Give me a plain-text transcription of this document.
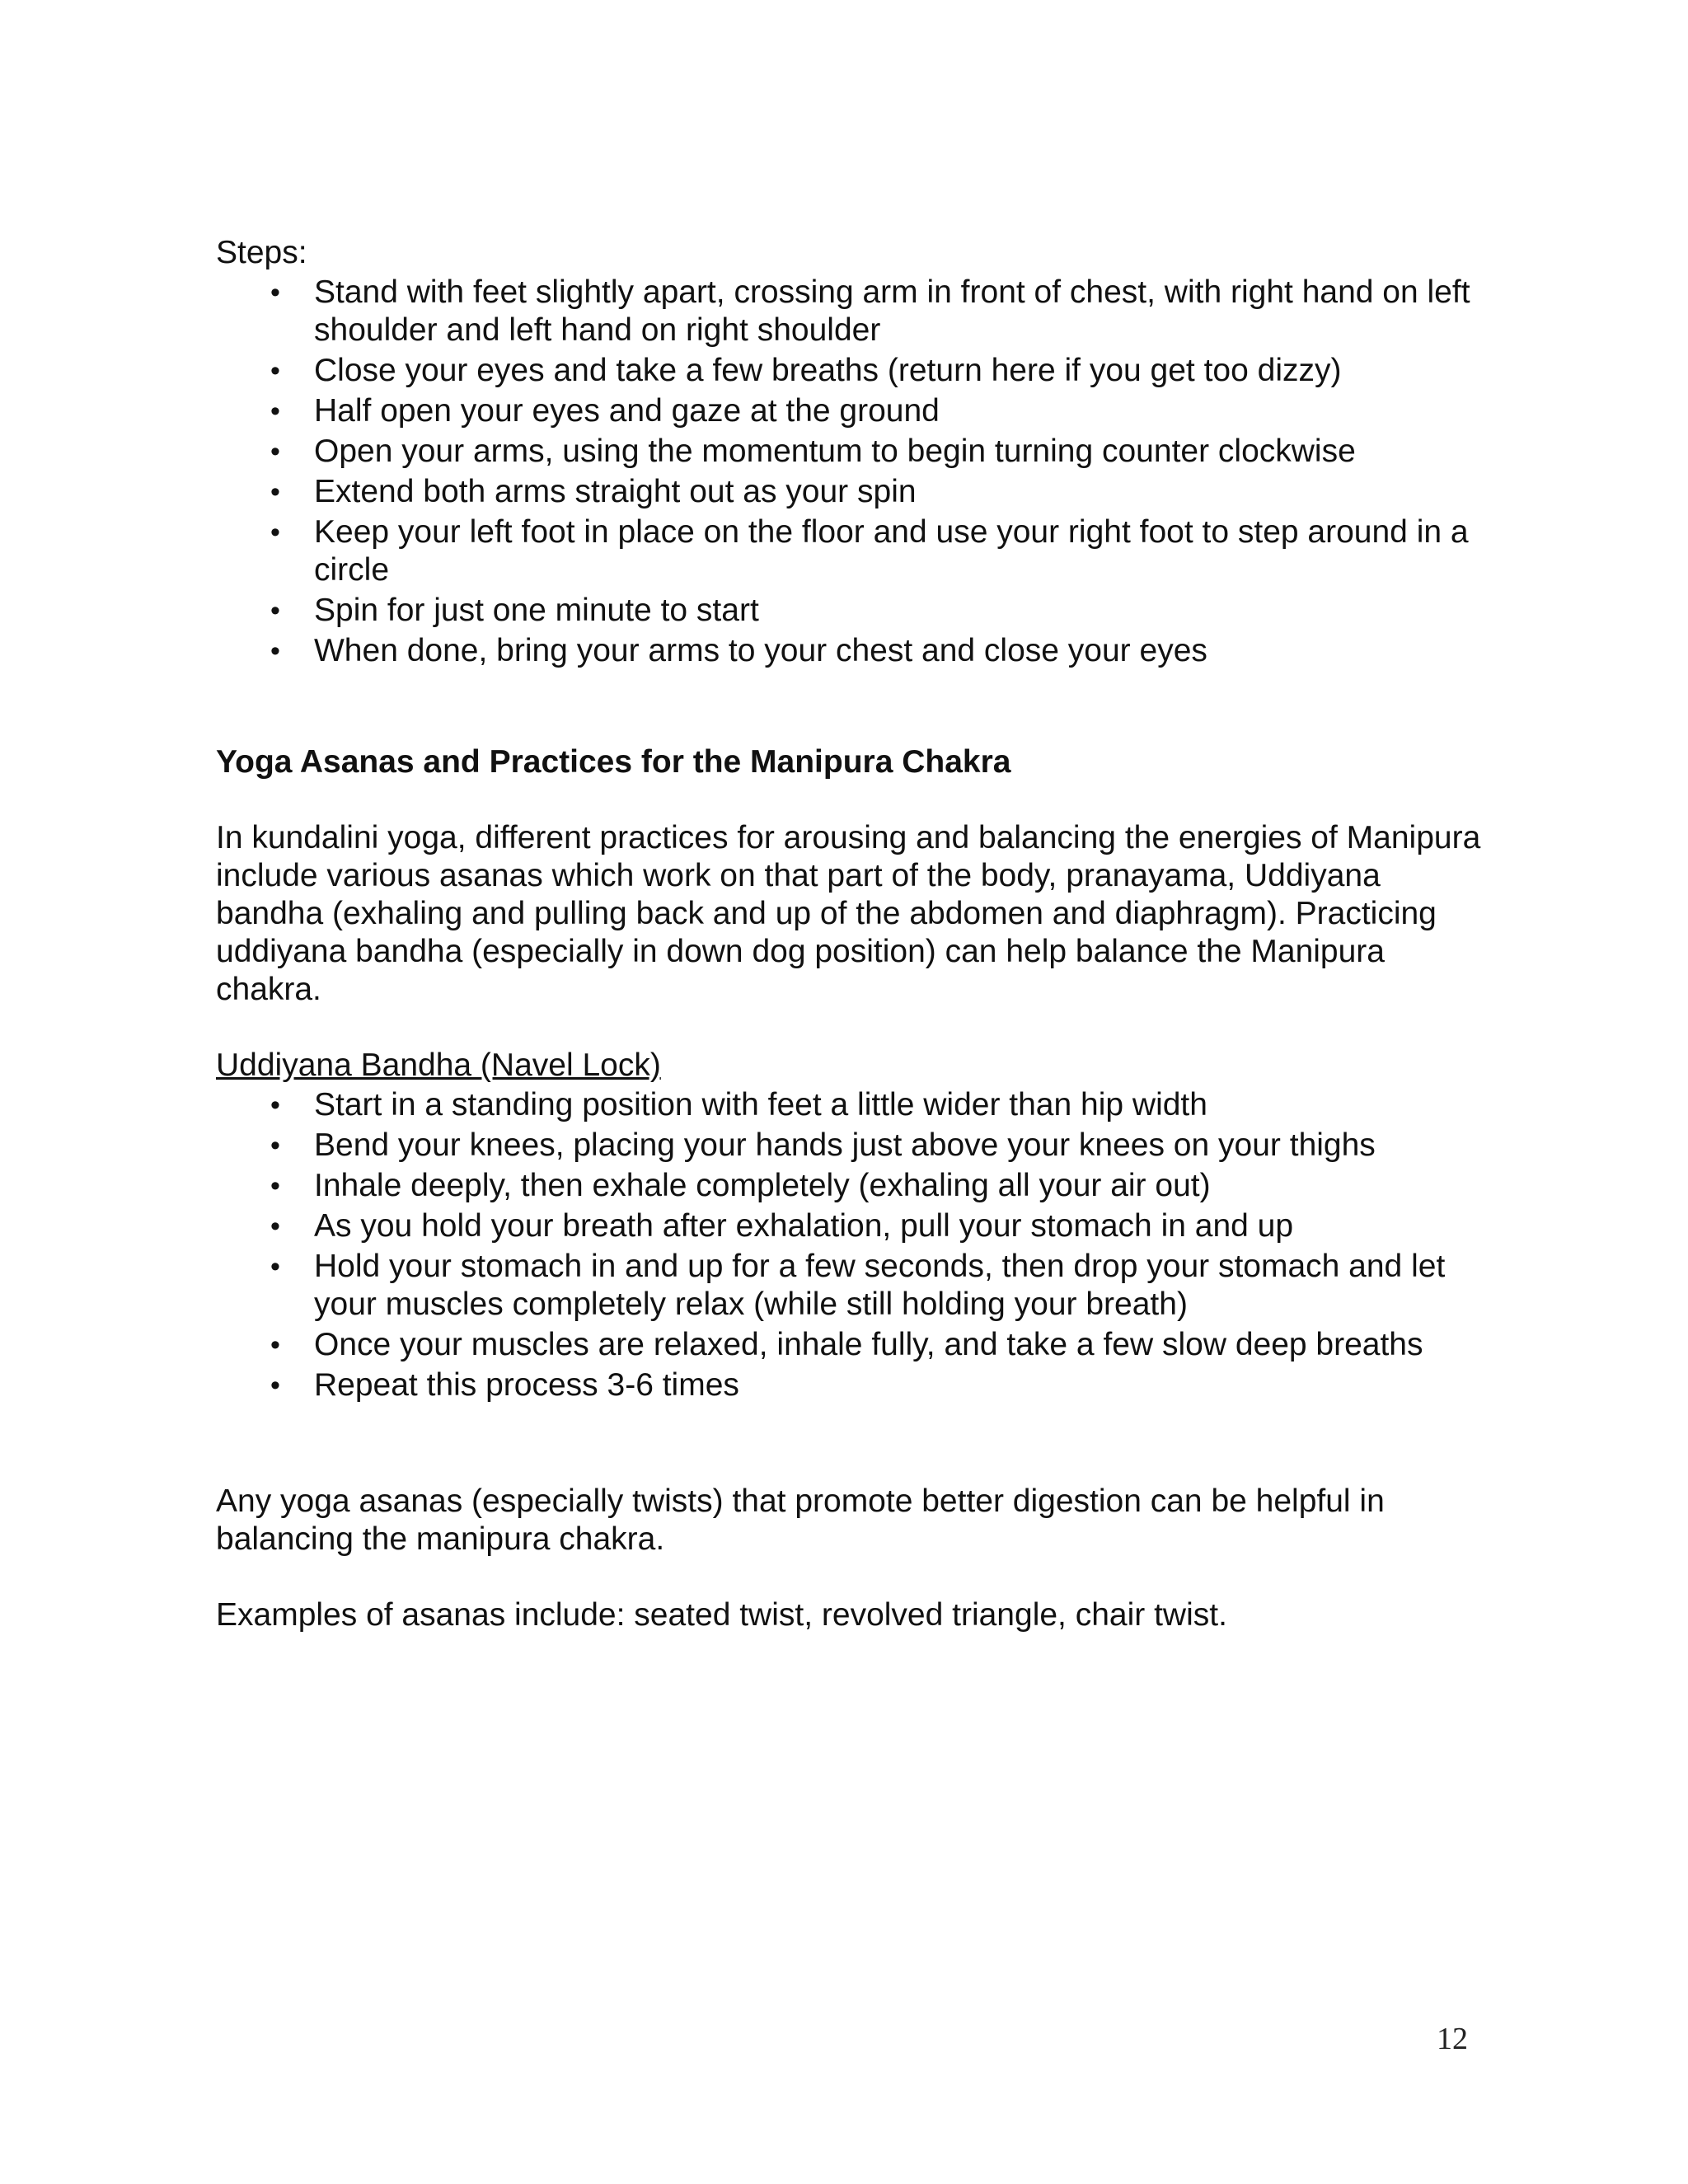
Steps:

• Stand with feet slightly apart, crossing arm in front of chest, with right hand on left shoulder and left hand on right shoulder
• Close your eyes and take a few breaths (return here if you get too dizzy)
• Half open your eyes and gaze at the ground
• Open your arms, using the momentum to begin turning counter clockwise
• Extend both arms straight out as your spin
• Keep your left foot in place on the floor and use your right foot to step around in a circle
• Spin for just one minute to start
• When done, bring your arms to your chest and close your eyes

Yoga Asanas and Practices for the Manipura Chakra

In kundalini yoga, different practices for arousing and balancing the energies of Manipura include various asanas which work on that part of the body, pranayama, Uddiyana bandha (exhaling and pulling back and up of the abdomen and diaphragm). Practicing uddiyana bandha (especially in down dog position) can help balance the Manipura chakra.

Uddiyana Bandha (Navel Lock)

• Start in a standing position with feet a little wider than hip width
• Bend your knees, placing your hands just above your knees on your thighs
• Inhale deeply, then exhale completely (exhaling all your air out)
• As you hold your breath after exhalation, pull your stomach in and up
• Hold your stomach in and up for a few seconds, then drop your stomach and let your muscles completely relax (while still holding your breath)
• Once your muscles are relaxed, inhale fully, and take a few slow deep breaths
• Repeat this process 3-6 times

Any yoga asanas (especially twists) that promote better digestion can be helpful in balancing the manipura chakra.

Examples of asanas include: seated twist, revolved triangle, chair twist.

12
